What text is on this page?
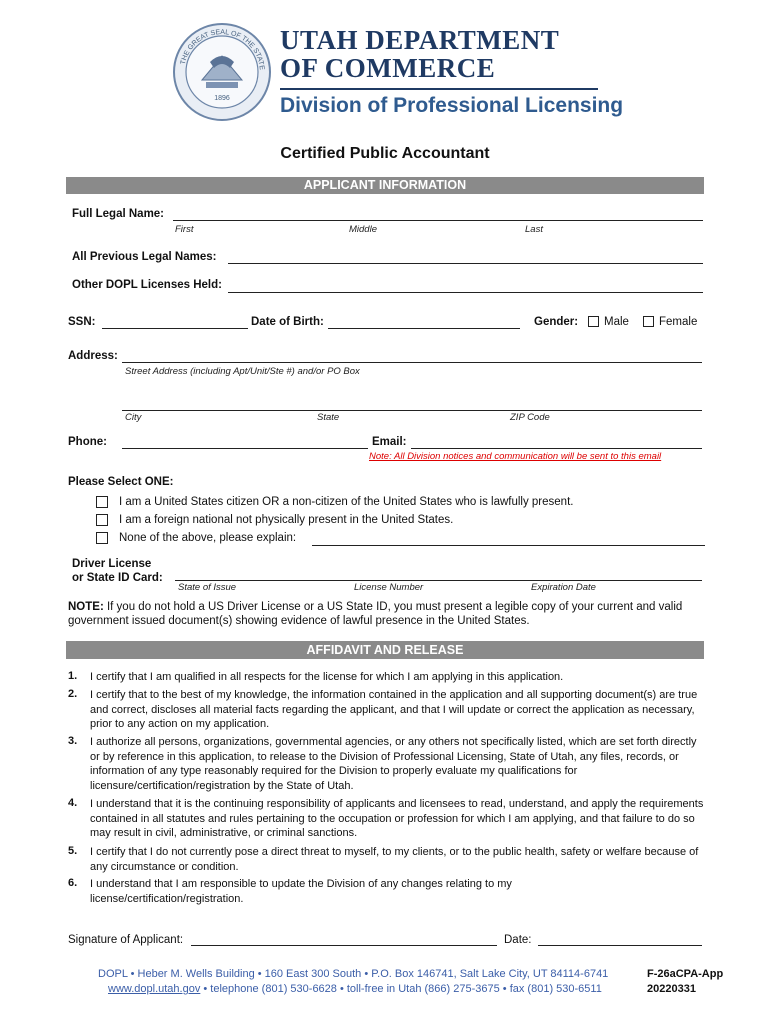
1896
THE GREAT SEAL OF THE STATE
UTAH DEPARTMENT
OF COMMERCE
Division of Professional Licensing
Certified Public Accountant
APPLICANT INFORMATION
Full Legal Name:
First	Middle	Last
All Previous Legal Names:
Other DOPL Licenses Held:
SSN:	Date of Birth:	Gender: Male	Female
Address:
Street Address (including Apt/Unit/Ste #) and/or PO Box
City	State	ZIP Code
Phone:	Email:
Note: All Division notices and communication will be sent to this email
Please Select ONE:
I am a United States citizen OR a non-citizen of the United States who is lawfully present.
I am a foreign national not physically present in the United States.
None of the above, please explain:
Driver License
or State ID Card:
State of Issue	License Number	Expiration Date
NOTE: If you do not hold a US Driver License or a US State ID, you must present a legible copy of your current and valid government issued document(s) showing evidence of lawful presence in the United States.
AFFIDAVIT AND RELEASE
1. I certify that I am qualified in all respects for the license for which I am applying in this application.
2. I certify that to the best of my knowledge, the information contained in the application and all supporting document(s) are true and correct, discloses all material facts regarding the applicant, and that I will update or correct the application as necessary, prior to any action on my application.
3. I authorize all persons, organizations, governmental agencies, or any others not specifically listed, which are set forth directly or by reference in this application, to release to the Division of Professional Licensing, State of Utah, any files, records, or information of any type reasonably required for the Division to properly evaluate my qualifications for licensure/certification/registration by the State of Utah.
4. I understand that it is the continuing responsibility of applicants and licensees to read, understand, and apply the requirements contained in all statutes and rules pertaining to the occupation or profession for which I am applying, and that failure to do so may result in civil, administrative, or criminal sanctions.
5. I certify that I do not currently pose a direct threat to myself, to my clients, or to the public health, safety or welfare because of any circumstance or condition.
6. I understand that I am responsible to update the Division of any changes relating to my license/certification/registration.
Signature of Applicant:	Date:
DOPL • Heber M. Wells Building • 160 East 300 South • P.O. Box 146741, Salt Lake City, UT 84114-6741
www.dopl.utah.gov • telephone (801) 530-6628 • toll-free in Utah (866) 275-3675 • fax (801) 530-6511
F-26aCPA-App
20220331
